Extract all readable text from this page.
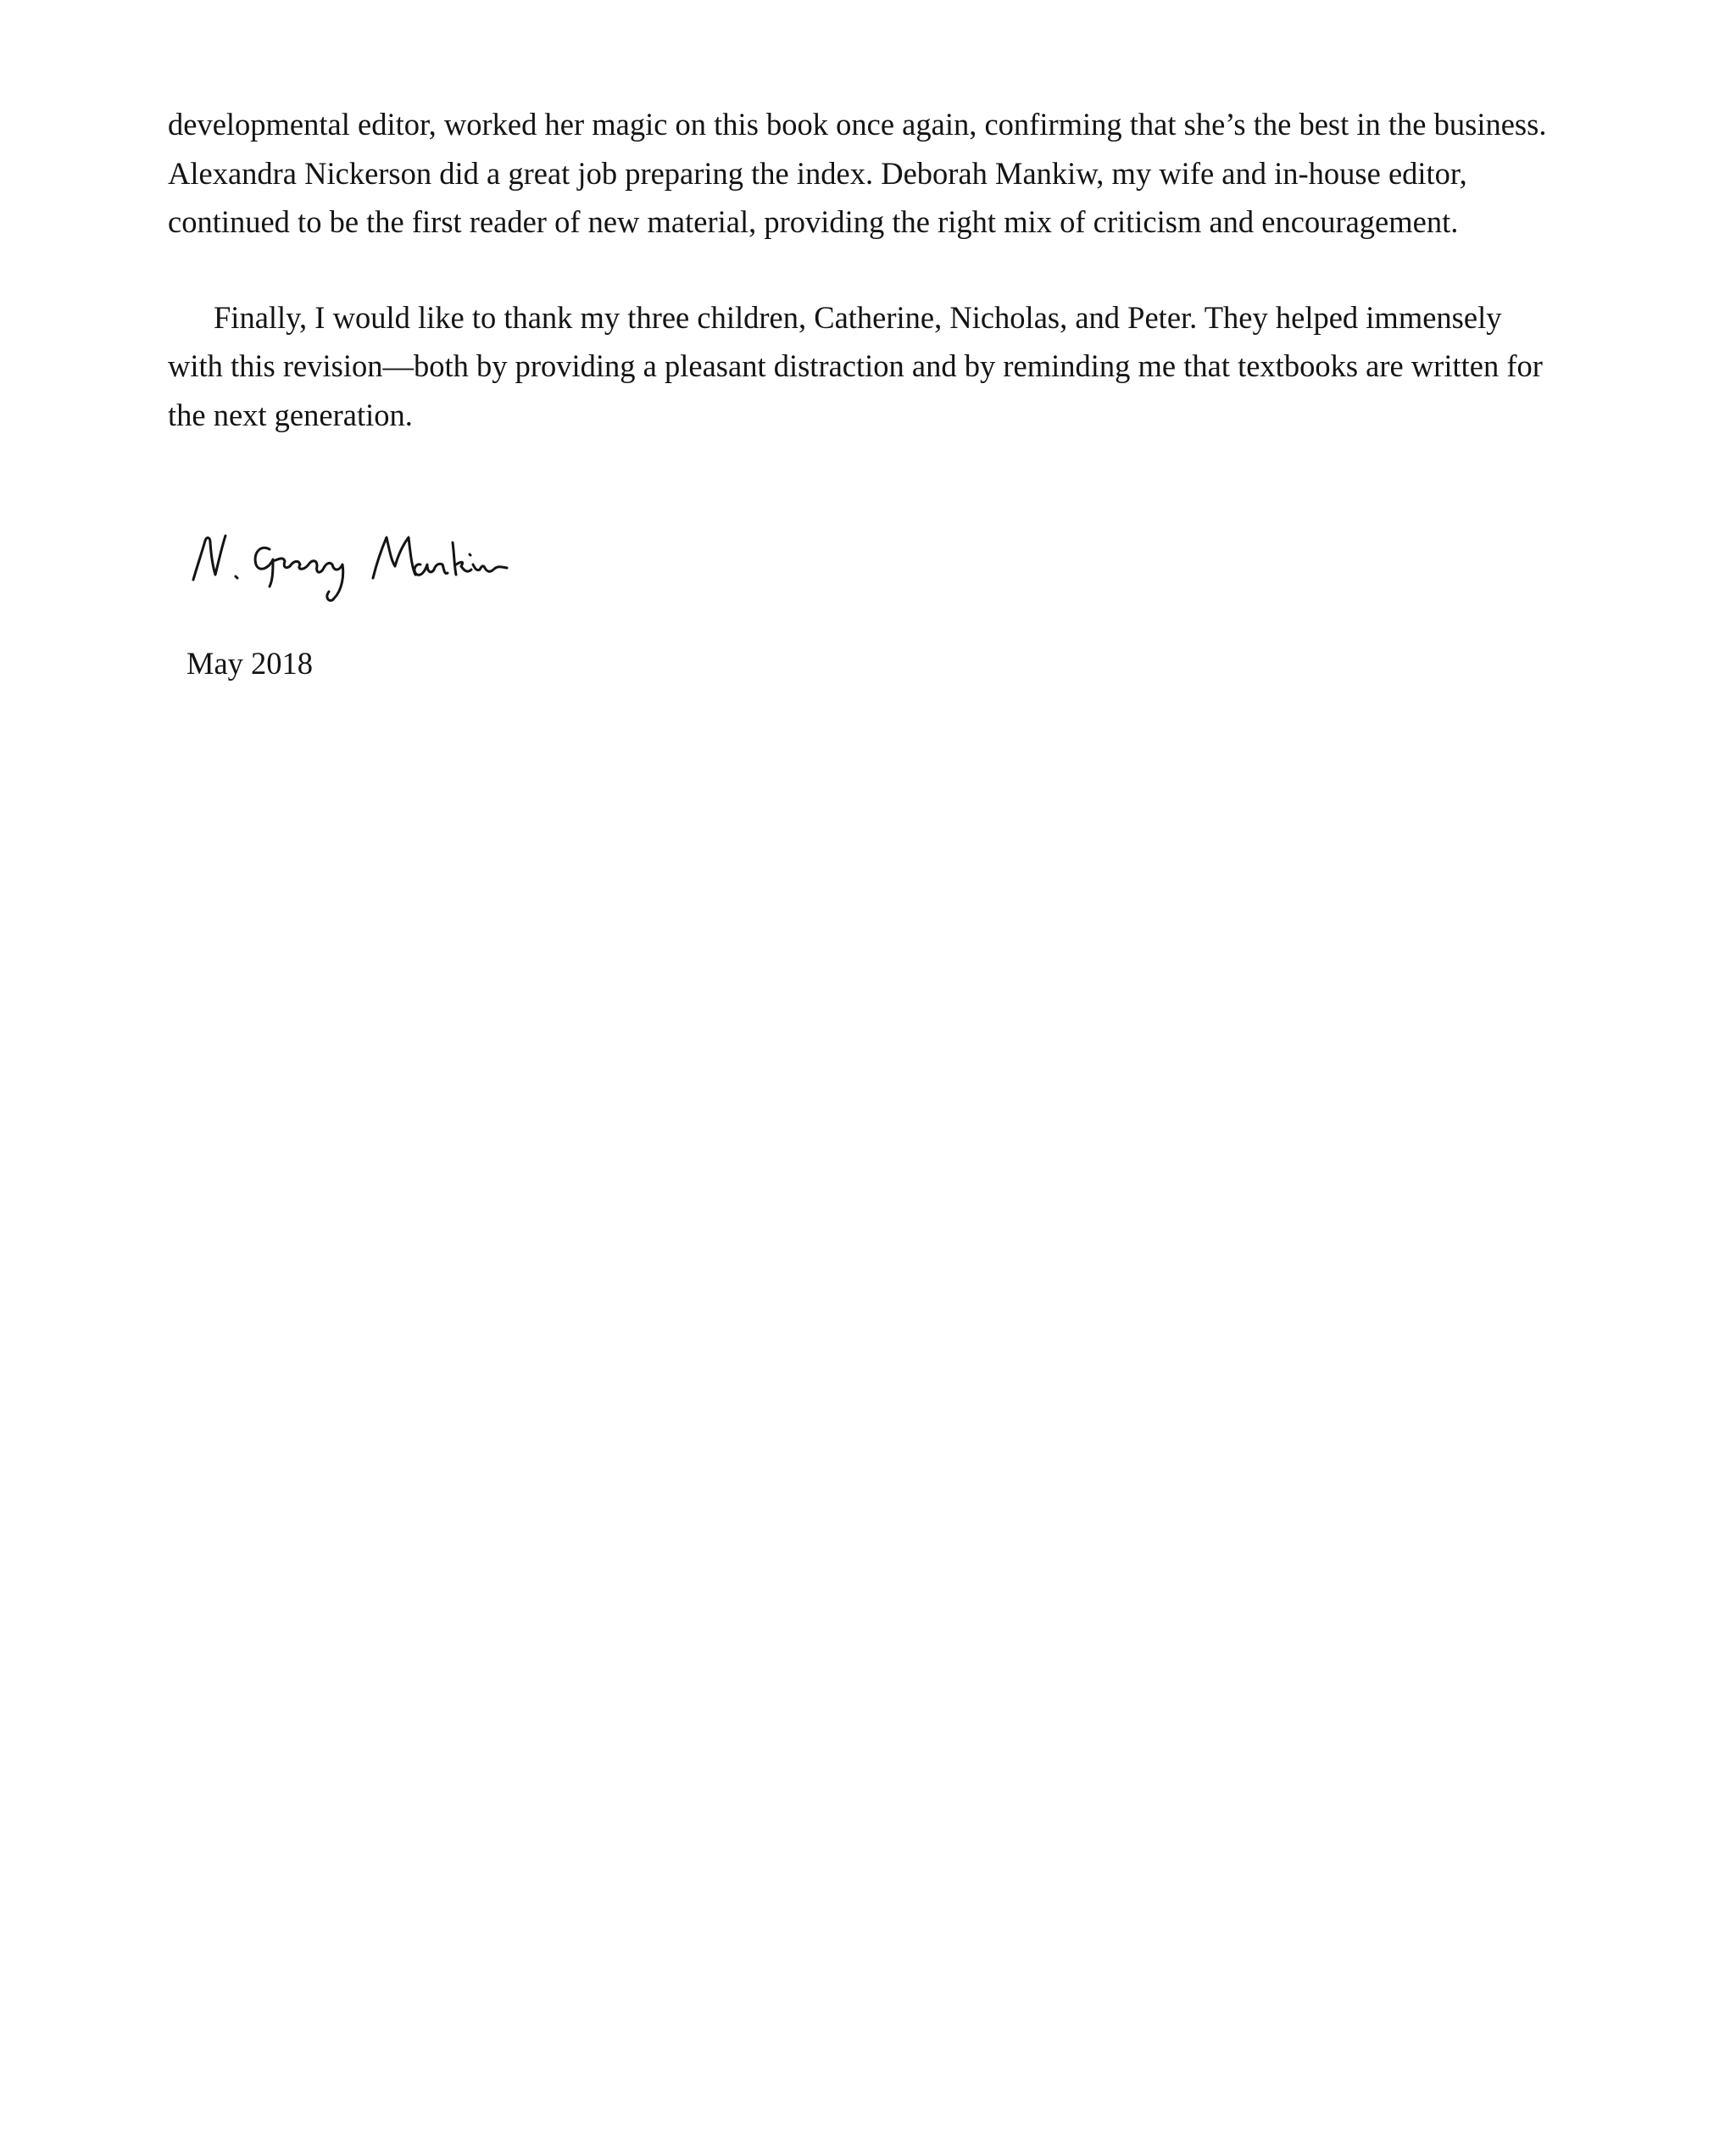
developmental editor, worked her magic on this book once again, confirming that she’s the best in the business. Alexandra Nickerson did a great job preparing the index. Deborah Mankiw, my wife and in-house editor, continued to be the first reader of new material, providing the right mix of criticism and encouragement.

Finally, I would like to thank my three children, Catherine, Nicholas, and Peter. They helped immensely with this revision—both by providing a pleasant distraction and by reminding me that textbooks are written for the next generation.

May 2018
